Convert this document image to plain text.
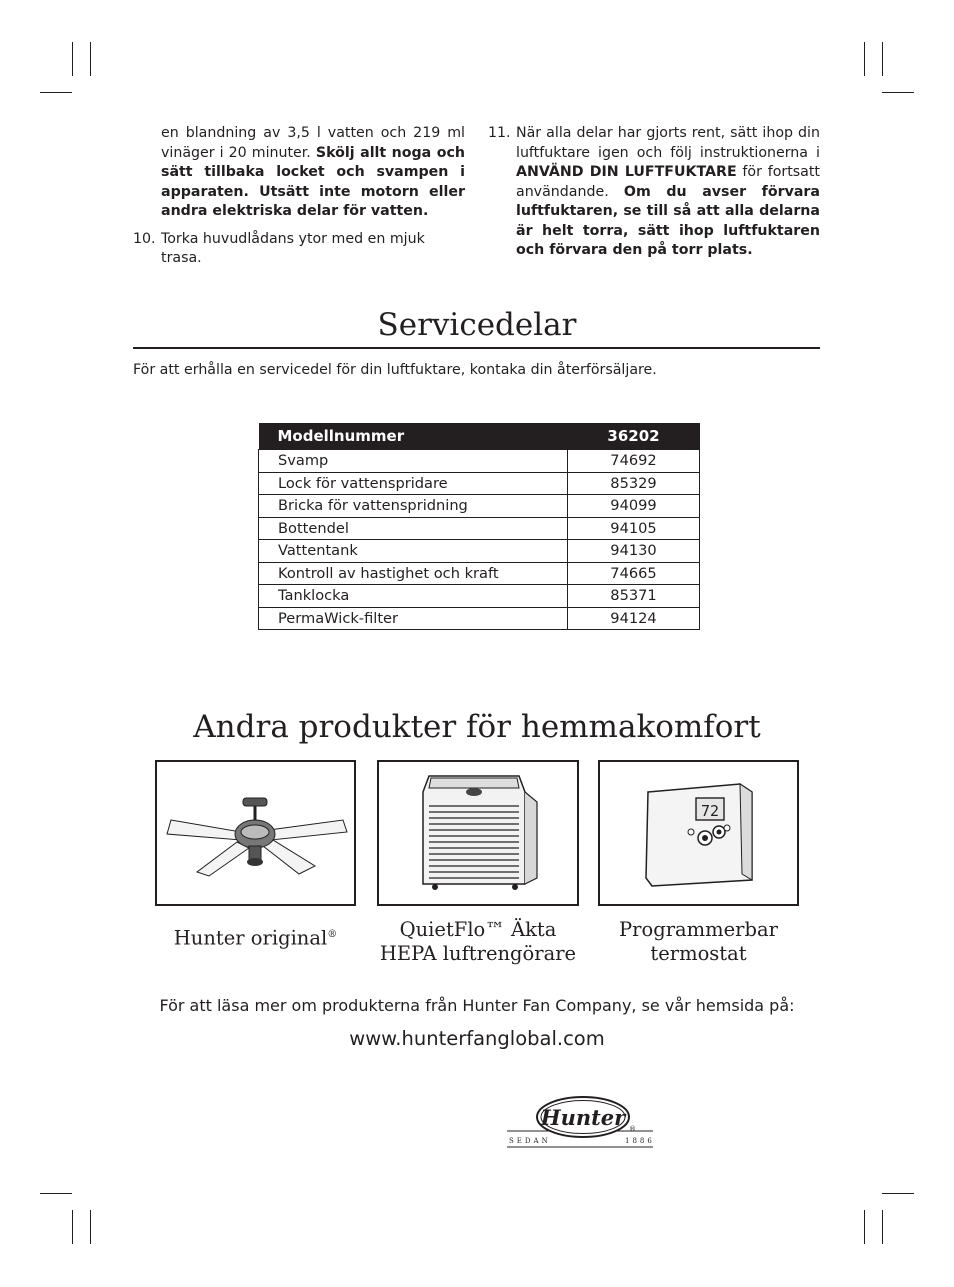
en blandning av 3,5 l vatten och 219 ml vinäger i 20 minuter. Skölj allt noga och sätt tillbaka locket och svampen i apparaten. Utsätt inte motorn eller andra elektriska delar för vatten.
10. Torka huvudlådans ytor med en mjuk trasa.
11. När alla delar har gjorts rent, sätt ihop din luftfuktare igen och följ instruktionerna i ANVÄND DIN LUFTFUKTARE för fortsatt användande. Om du avser förvara luftfuktaren, se till så att alla delarna är helt torra, sätt ihop luftfuktaren och förvara den på torr plats.
Servicedelar
För att erhålla en servicedel för din luftfuktare, kontaka din återförsäljare.
Modellnummer	36202
Svamp	74692
Lock för vattenspridare	85329
Bricka för vattenspridning	94099
Bottendel	94105
Vattentank	94130
Kontroll av hastighet och kraft	74665
Tanklocka	85371
PermaWick-filter	94124
Andra produkter för hemmakomfort
72
Hunter original®	QuietFlo™ Äkta
HEPA luftrengörare
Programmerbar
termostat
För att läsa mer om produkterna från Hunter Fan Company, se vår hemsida på:
www.hunterfanglobal.com
Hunter ®
SEDAN	1886
